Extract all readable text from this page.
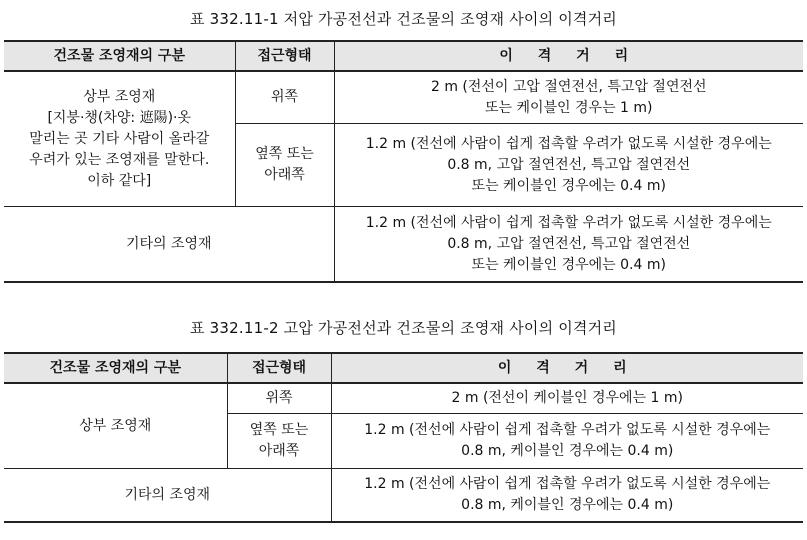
표 332.11-1 저압 가공전선과 건조물의 조영재 사이의 이격거리
건조물 조영재의 구분	접근형태	이 격 거 리

상부 조영재
[지붕·챙(차양: 遮陽)·옷
말리는 곳 기타 사람이 올라갈
우려가 있는 조영재를 말한다.
이하 같다]	위쪽	2 m (전선이 고압 절연전선, 특고압 절연전선
또는 케이블인 경우는 1 m)

	옆쪽 또는
아래쪽	1.2 m (전선에 사람이 쉽게 접촉할 우려가 없도록 시설한 경우에는
0.8 m, 고압 절연전선, 특고압 절연전선
또는 케이블인 경우에는 0.4 m)

기타의 조영재		1.2 m (전선에 사람이 쉽게 접촉할 우려가 없도록 시설한 경우에는
0.8 m, 고압 절연전선, 특고압 절연전선
또는 케이블인 경우에는 0.4 m)
표 332.11-2 고압 가공전선과 건조물의 조영재 사이의 이격거리
건조물 조영재의 구분	접근형태	이 격 거 리
상부 조영재	위쪽	2 m (전선이 케이블인 경우에는 1 m)

	옆쪽 또는
아래쪽	1.2 m (전선에 사람이 쉽게 접촉할 우려가 없도록 시설한 경우에는
0.8 m, 케이블인 경우에는 0.4 m)

기타의 조영재		1.2 m (전선에 사람이 쉽게 접촉할 우려가 없도록 시설한 경우에는
0.8 m, 케이블인 경우에는 0.4 m)
